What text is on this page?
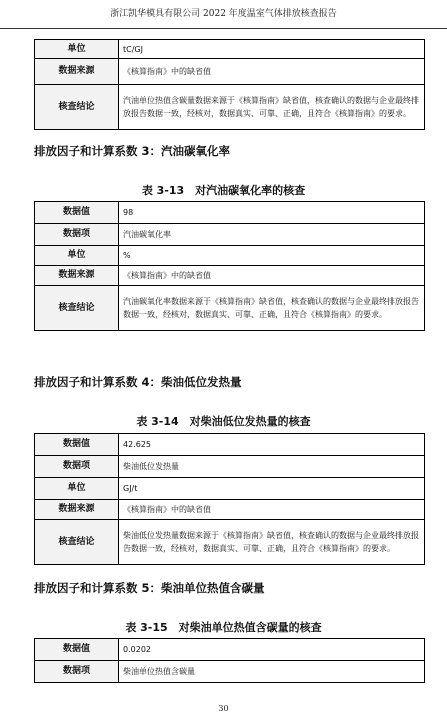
浙江凯华模具有限公司 2022 年度温室气体排放核查报告
单位	tC/GJ
数据来源	《核算指南》中的缺省值
核查结论	汽油单位热值含碳量数据来源于《核算指南》缺省值，核查确认的数据与企业最终排放报告数据一致，经核对，数据真实、可靠、正确，且符合《核算指南》的要求。
排放因子和计算系数 3：汽油碳氧化率
表 3-13　对汽油碳氧化率的核查
数据值	98
数据项	汽油碳氧化率
单位	%
数据来源	《核算指南》中的缺省值
核查结论	汽油碳氧化率数据来源于《核算指南》缺省值，核查确认的数据与企业最终排放报告数据一致，经核对，数据真实、可靠、正确，且符合《核算指南》的要求。
排放因子和计算系数 4：柴油低位发热量
表 3-14　对柴油低位发热量的核查
数据值	42.625
数据项	柴油低位发热量
单位	GJ/t
数据来源	《核算指南》中的缺省值
核查结论	柴油低位发热量数据来源于《核算指南》缺省值，核查确认的数据与企业最终排放报告数据一致，经核对，数据真实、可靠、正确，且符合《核算指南》的要求。
排放因子和计算系数 5：柴油单位热值含碳量
表 3-15　对柴油单位热值含碳量的核查
数据值	0.0202
数据项	柴油单位热值含碳量
30
